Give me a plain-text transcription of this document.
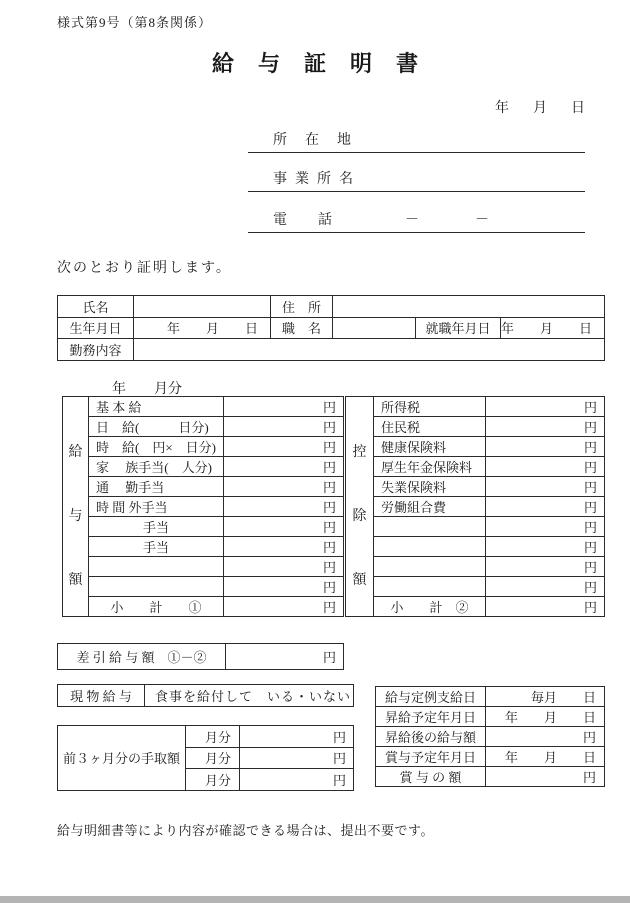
様式第9号（第8条関係）
給与証明書
年　月　日
所在地
事業所名
電話	－　　　　－
次のとおり証明します。
氏名		住　所			
生年月日	年　　月　　日	職　名		就職年月日	年　　月　　日
勤務内容					
年　　月分
給
与
額	基 本 給	円
	日　給(　　　日分)	円
	時　給(　円×　日分)	円
	家　 族手当(　人分)	円
	通　 勤手当	円
	時 間 外手当	円
	手当	円
	手当	円
		円
		円
	小　　計　　①	円
控
除
額	所得税	円
	住民税	円
	健康保険料	円
	厚生年金保険料	円
	失業保険料	円
	労働組合費	円
		円
		円
		円
		円
	小　　計　②	円
差 引 給 与 額　①－②	円
現 物 給 与	食事を給付して　いる・いない
前３ヶ月分の手取額	月分	円
	月分	円
	月分	円
給与定例支給日	毎月　　日
昇給予定年月日	年　　月　　日
昇給後の給与額	円
賞与予定年月日	年　　月　　日
賞 与 の 額	円
給与明細書等により内容が確認できる場合は、提出不要です。
